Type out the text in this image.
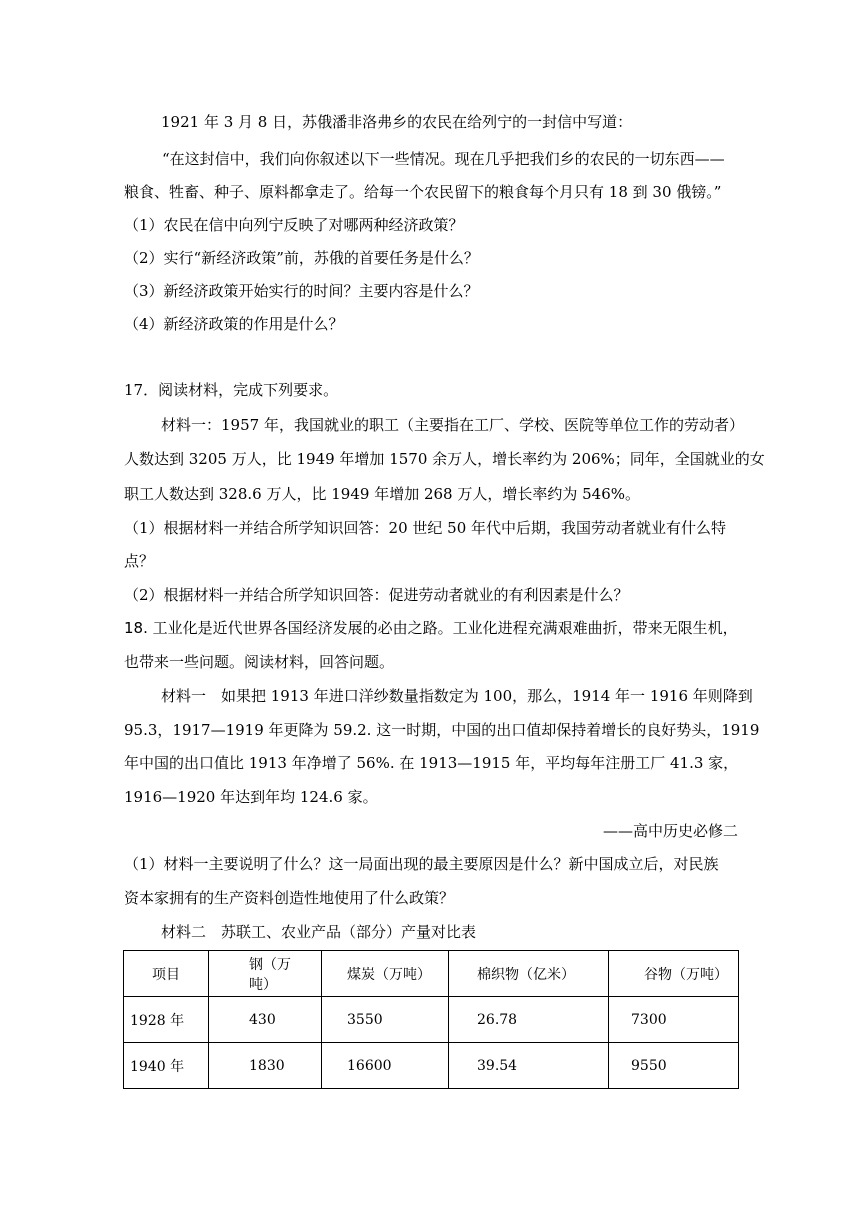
1921 年 3 月 8 日，苏俄潘非洛弗乡的农民在给列宁的一封信中写道：
“在这封信中，我们向你叙述以下一些情况。现在几乎把我们乡的农民的一切东西——
粮食、牲畜、种子、原料都拿走了。给每一个农民留下的粮食每个月只有 18 到 30 俄镑。”
（1）农民在信中向列宁反映了对哪两种经济政策？
（2）实行“新经济政策”前，苏俄的首要任务是什么？
（3）新经济政策开始实行的时间？主要内容是什么？
（4）新经济政策的作用是什么？
17．阅读材料，完成下列要求。
材料一：1957 年，我国就业的职工（主要指在工厂、学校、医院等单位工作的劳动者）
人数达到 3205 万人，比 1949 年增加 1570 余万人，增长率约为 206%；同年，全国就业的女
职工人数达到 328.6 万人，比 1949 年增加 268 万人，增长率约为 546%。
（1）根据材料一并结合所学知识回答：20 世纪 50 年代中后期，我国劳动者就业有什么特
点？
（2）根据材料一并结合所学知识回答：促进劳动者就业的有利因素是什么？
18. 工业化是近代世界各国经济发展的必由之路。工业化进程充满艰难曲折，带来无限生机，
也带来一些问题。阅读材料，回答问题。
材料一　如果把 1913 年进口洋纱数量指数定为 100，那么，1914 年一 1916 年则降到
95.3，1917—1919 年更降为 59.2. 这一时期，中国的出口值却保持着增长的良好势头，1919
年中国的出口值比 1913 年净增了 56%. 在 1913—1915 年，平均每年注册工厂 41.3 家，
1916—1920 年达到年均 124.6 家。
——高中历史必修二
（1）材料一主要说明了什么？这一局面出现的最主要原因是什么？新中国成立后，对民族
资本家拥有的生产资料创造性地使用了什么政策？
材料二　苏联工、农业产品（部分）产量对比表
项目	钢（万吨）	煤炭（万吨）	棉织物（亿米）	谷物（万吨）
1928 年	430	3550	26.78	7300
1940 年	1830	16600	39.54	9550
